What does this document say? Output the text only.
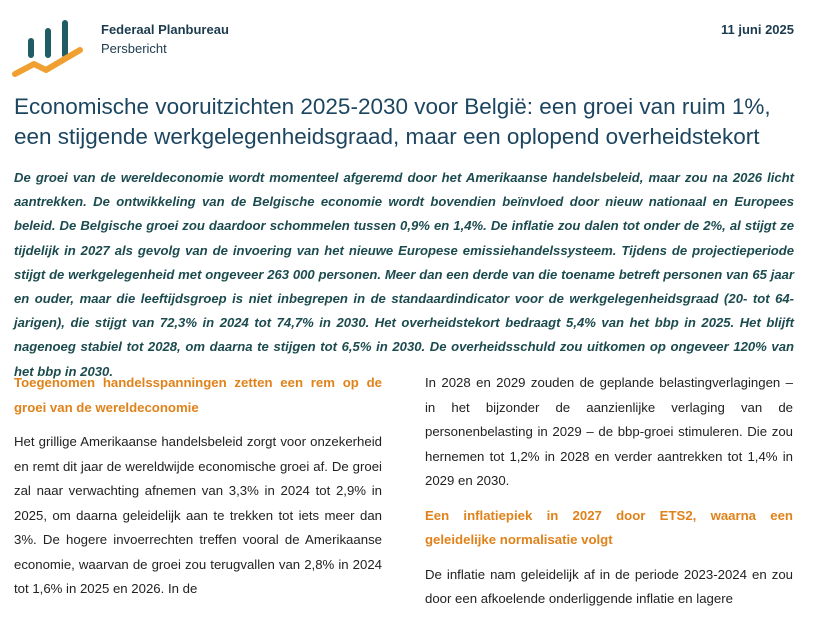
Federaal Planbureau
Persbericht
11 juni 2025
Economische vooruitzichten 2025-2030 voor België: een groei van ruim 1%, een stijgende werkgelegenheidsgraad, maar een oplopend overheidstekort

De groei van de wereldeconomie wordt momenteel afgeremd door het Amerikaanse handelsbeleid, maar zou na 2026 licht aantrekken. De ontwikkeling van de Belgische economie wordt bovendien beïnvloed door nieuw nationaal en Europees beleid. De Belgische groei zou daardoor schommelen tussen 0,9% en 1,4%. De inflatie zou dalen tot onder de 2%, al stijgt ze tijdelijk in 2027 als gevolg van de invoering van het nieuwe Europese emissiehandelssysteem. Tijdens de projectieperiode stijgt de werkgelegenheid met ongeveer 263 000 personen. Meer dan een derde van die toename betreft personen van 65 jaar en ouder, maar die leeftijdsgroep is niet inbegrepen in de standaardindicator voor de werkgelegenheidsgraad (20- tot 64-jarigen), die stijgt van 72,3% in 2024 tot 74,7% in 2030. Het overheidstekort bedraagt 5,4% van het bbp in 2025. Het blijft nagenoeg stabiel tot 2028, om daarna te stijgen tot 6,5% in 2030. De overheidsschuld zou uitkomen op ongeveer 120% van het bbp in 2030.

Toegenomen handelsspanningen zetten een rem op de groei van de wereldeconomie

Het grillige Amerikaanse handelsbeleid zorgt voor onzekerheid en remt dit jaar de wereldwijde economische groei af. De groei zal naar verwachting afnemen van 3,3% in 2024 tot 2,9% in 2025, om daarna geleidelijk aan te trekken tot iets meer dan 3%. De hogere invoerrechten treffen vooral de Amerikaanse economie, waarvan de groei zou terugvallen van 2,8% in 2024 tot 1,6% in 2025 en 2026. In de

In 2028 en 2029 zouden de geplande belastingverlagingen – in het bijzonder de aanzienlijke verlaging van de personenbelasting in 2029 – de bbp-groei stimuleren. Die zou hernemen tot 1,2% in 2028 en verder aantrekken tot 1,4% in 2029 en 2030.

Een inflatiepiek in 2027 door ETS2, waarna een geleidelijke normalisatie volgt

De inflatie nam geleidelijk af in de periode 2023-2024 en zou door een afkoelende onderliggende inflatie en lagere
